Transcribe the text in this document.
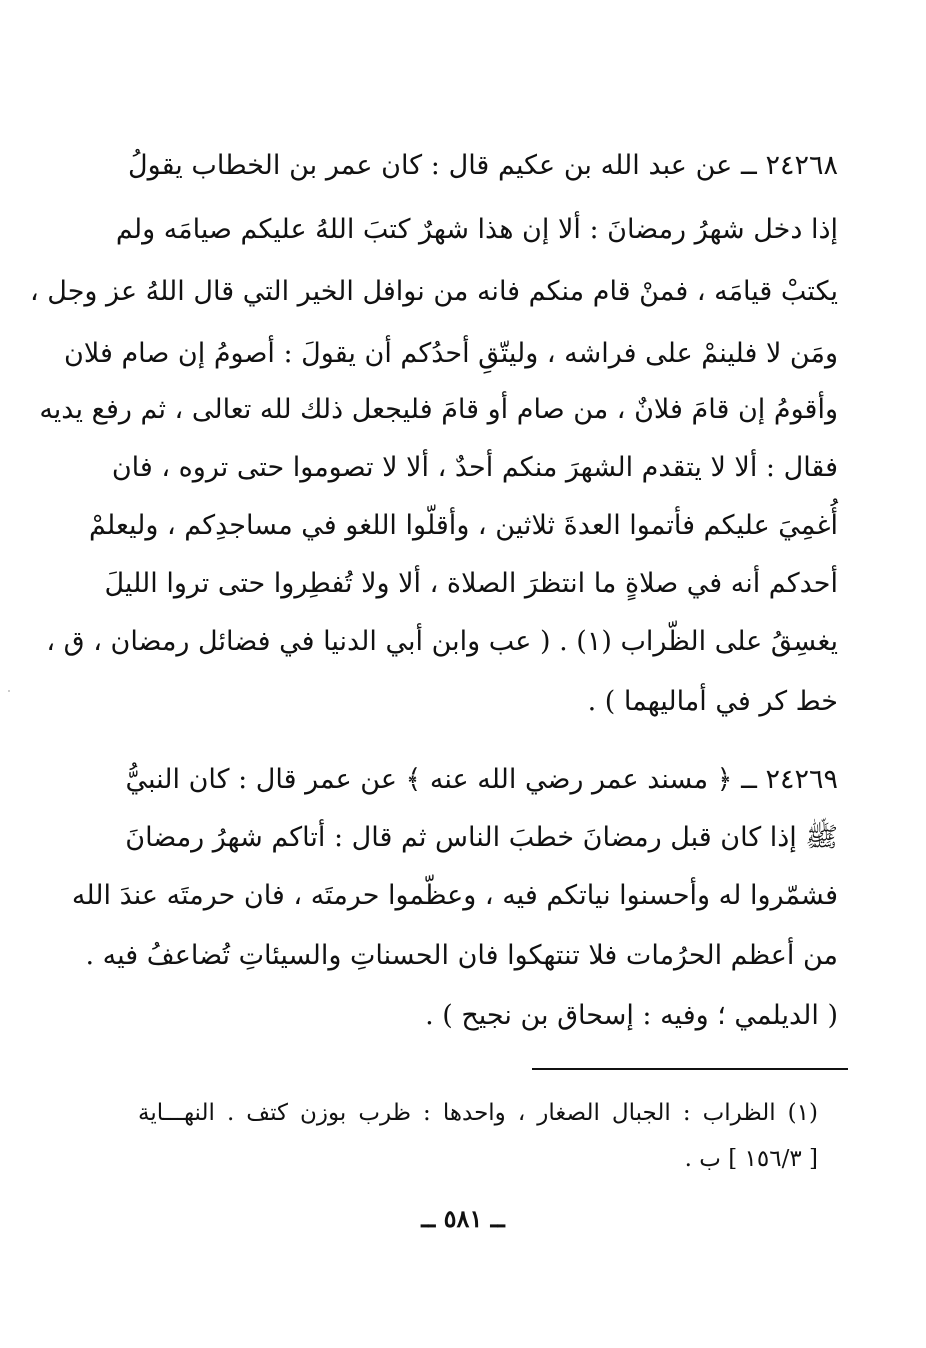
٢٤٢٦٨ ــ عن عبد الله بن عكيم قال : كان عمر بن الخطاب يقولُ
إذا دخل شهرُ رمضانَ : ألا إن هذا شهرٌ كتبَ اللهُ عليكم صيامَه ولم
يكتبْ قيامَه ، فمنْ قام منكم فانه من نوافل الخير التي قال اللهُ عز وجل ،
ومَن لا فلينمْ على فراشه ، وليتّقِ أحدُكم أن يقولَ : أصومُ إن صام فلان
وأقومُ إن قامَ فلانٌ ، من صام أو قامَ فليجعل ذلك لله تعالى ، ثم رفع يديه
فقال : ألا لا يتقدم الشهرَ منكم أحدٌ ، ألا لا تصوموا حتى تروه ، فان
أُغمِيَ عليكم فأتموا العدةَ ثلاثين ، وأقلّوا اللغو في مساجدِكم ، وليعلمْ
أحدكم أنه في صلاةٍ ما انتظرَ الصلاة ، ألا ولا تُفطِروا حتى تروا الليلَ
يغسِقُ على الظّراب (١) . ( عب وابن أبي الدنيا في فضائل رمضان ، ق ،
خط كر في أماليهما ) .
٢٤٢٦٩ ــ ﴿ مسند عمر رضي الله عنه ﴾ عن عمر قال : كان النبيُّ
ﷺ إذا كان قبل رمضانَ خطبَ الناس ثم قال : أتاكم شهرُ رمضانَ
فشمّروا له وأحسنوا نياتكم فيه ، وعظّموا حرمتَه ، فان حرمتَه عندَ الله
من أعظم الحرُمات فلا تنتهكوا فان الحسناتِ والسيئاتِ تُضاعفُ فيه .
( الديلمي ؛ وفيه : إسحاق بن نجيح ) .
(١) الظراب : الجبال الصغار ، واحدها : ظرب بوزن كتف . النهـــاية
[ ١٥٦/٣ ] ب .
ــ ٥٨١ ــ
